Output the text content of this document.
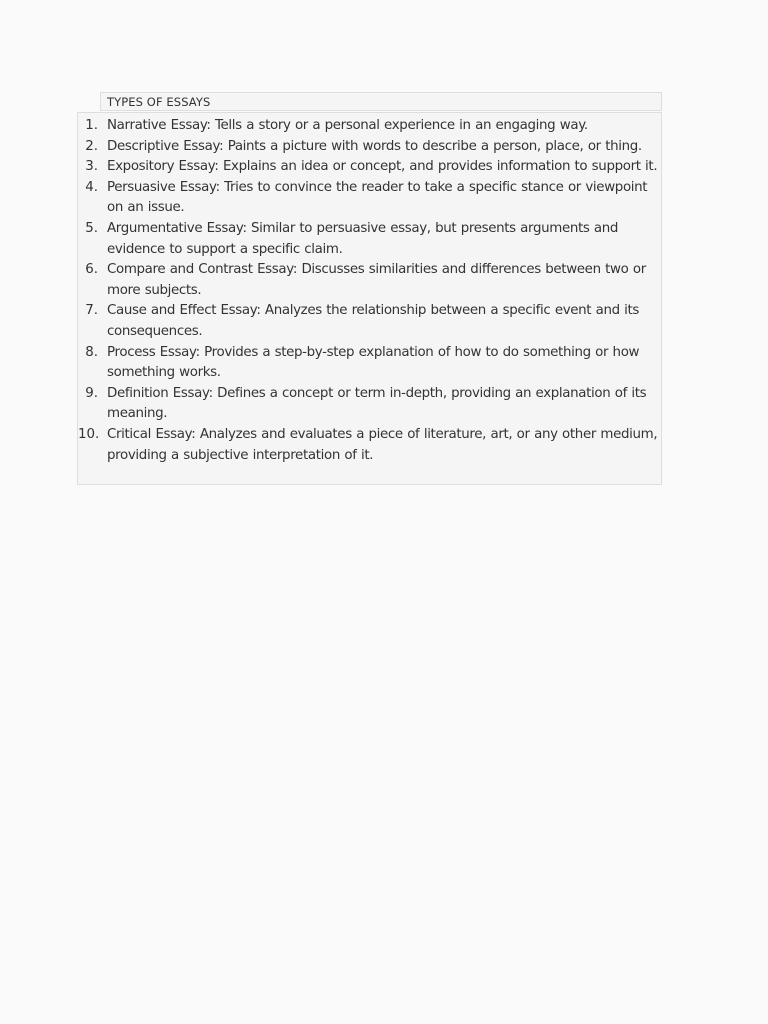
TYPES OF ESSAYS
1. Narrative Essay: Tells a story or a personal experience in an engaging way.
2. Descriptive Essay: Paints a picture with words to describe a person, place, or thing.
3. Expository Essay: Explains an idea or concept, and provides information to support it.
4. Persuasive Essay: Tries to convince the reader to take a specific stance or viewpoint on an issue.
5. Argumentative Essay: Similar to persuasive essay, but presents arguments and evidence to support a specific claim.
6. Compare and Contrast Essay: Discusses similarities and differences between two or more subjects.
7. Cause and Effect Essay: Analyzes the relationship between a specific event and its consequences.
8. Process Essay: Provides a step-by-step explanation of how to do something or how something works.
9. Definition Essay: Defines a concept or term in-depth, providing an explanation of its meaning.
10. Critical Essay: Analyzes and evaluates a piece of literature, art, or any other medium, providing a subjective interpretation of it.
